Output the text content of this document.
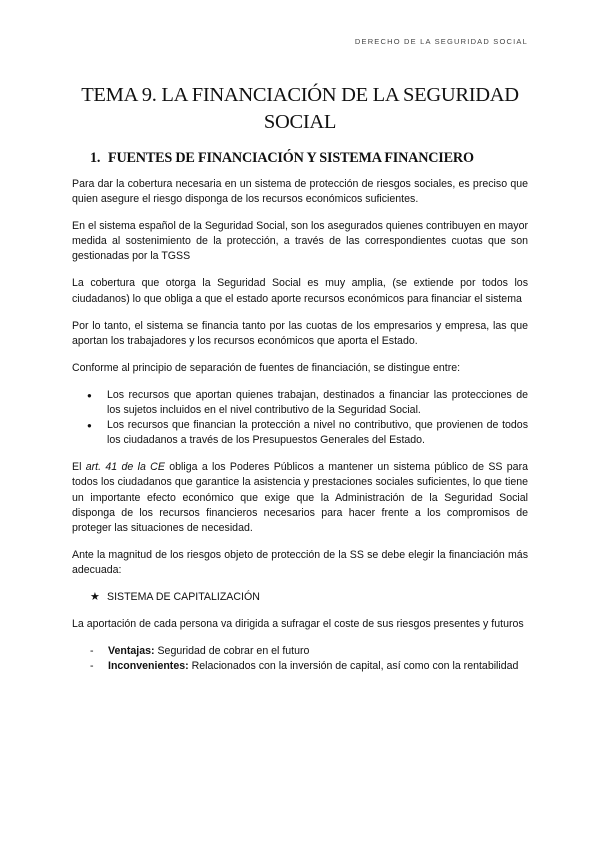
DERECHO DE LA SEGURIDAD SOCIAL
TEMA 9. LA FINANCIACIÓN DE LA SEGURIDAD SOCIAL
1. FUENTES DE FINANCIACIÓN Y SISTEMA FINANCIERO

Para dar la cobertura necesaria en un sistema de protección de riesgos sociales, es preciso que quien asegure el riesgo disponga de los recursos económicos suficientes.

En el sistema español de la Seguridad Social, son los asegurados quienes contribuyen en mayor medida al sostenimiento de la protección, a través de las correspondientes cuotas que son gestionadas por la TGSS

La cobertura que otorga la Seguridad Social es muy amplia, (se extiende por todos los ciudadanos) lo que obliga a que el estado aporte recursos económicos para financiar el sistema

Por lo tanto, el sistema se financia tanto por las cuotas de los empresarios y empresa, las que aportan los trabajadores y los recursos económicos que aporta el Estado.

Conforme al principio de separación de fuentes de financiación, se distingue entre:

● Los recursos que aportan quienes trabajan, destinados a financiar las protecciones de los sujetos incluidos en el nivel contributivo de la Seguridad Social.
● Los recursos que financian la protección a nivel no contributivo, que provienen de todos los ciudadanos a través de los Presupuestos Generales del Estado.

El art. 41 de la CE obliga a los Poderes Públicos a mantener un sistema público de SS para todos los ciudadanos que garantice la asistencia y prestaciones sociales suficientes, lo que tiene un importante efecto económico que exige que la Administración de la Seguridad Social disponga de los recursos financieros necesarios para hacer frente a los compromisos de proteger las situaciones de necesidad.

Ante la magnitud de los riesgos objeto de protección de la SS se debe elegir la financiación más adecuada:

★ SISTEMA DE CAPITALIZACIÓN

La aportación de cada persona va dirigida a sufragar el coste de sus riesgos presentes y futuros

- Ventajas: Seguridad de cobrar en el futuro
- Inconvenientes: Relacionados con la inversión de capital, así como con la rentabilidad
